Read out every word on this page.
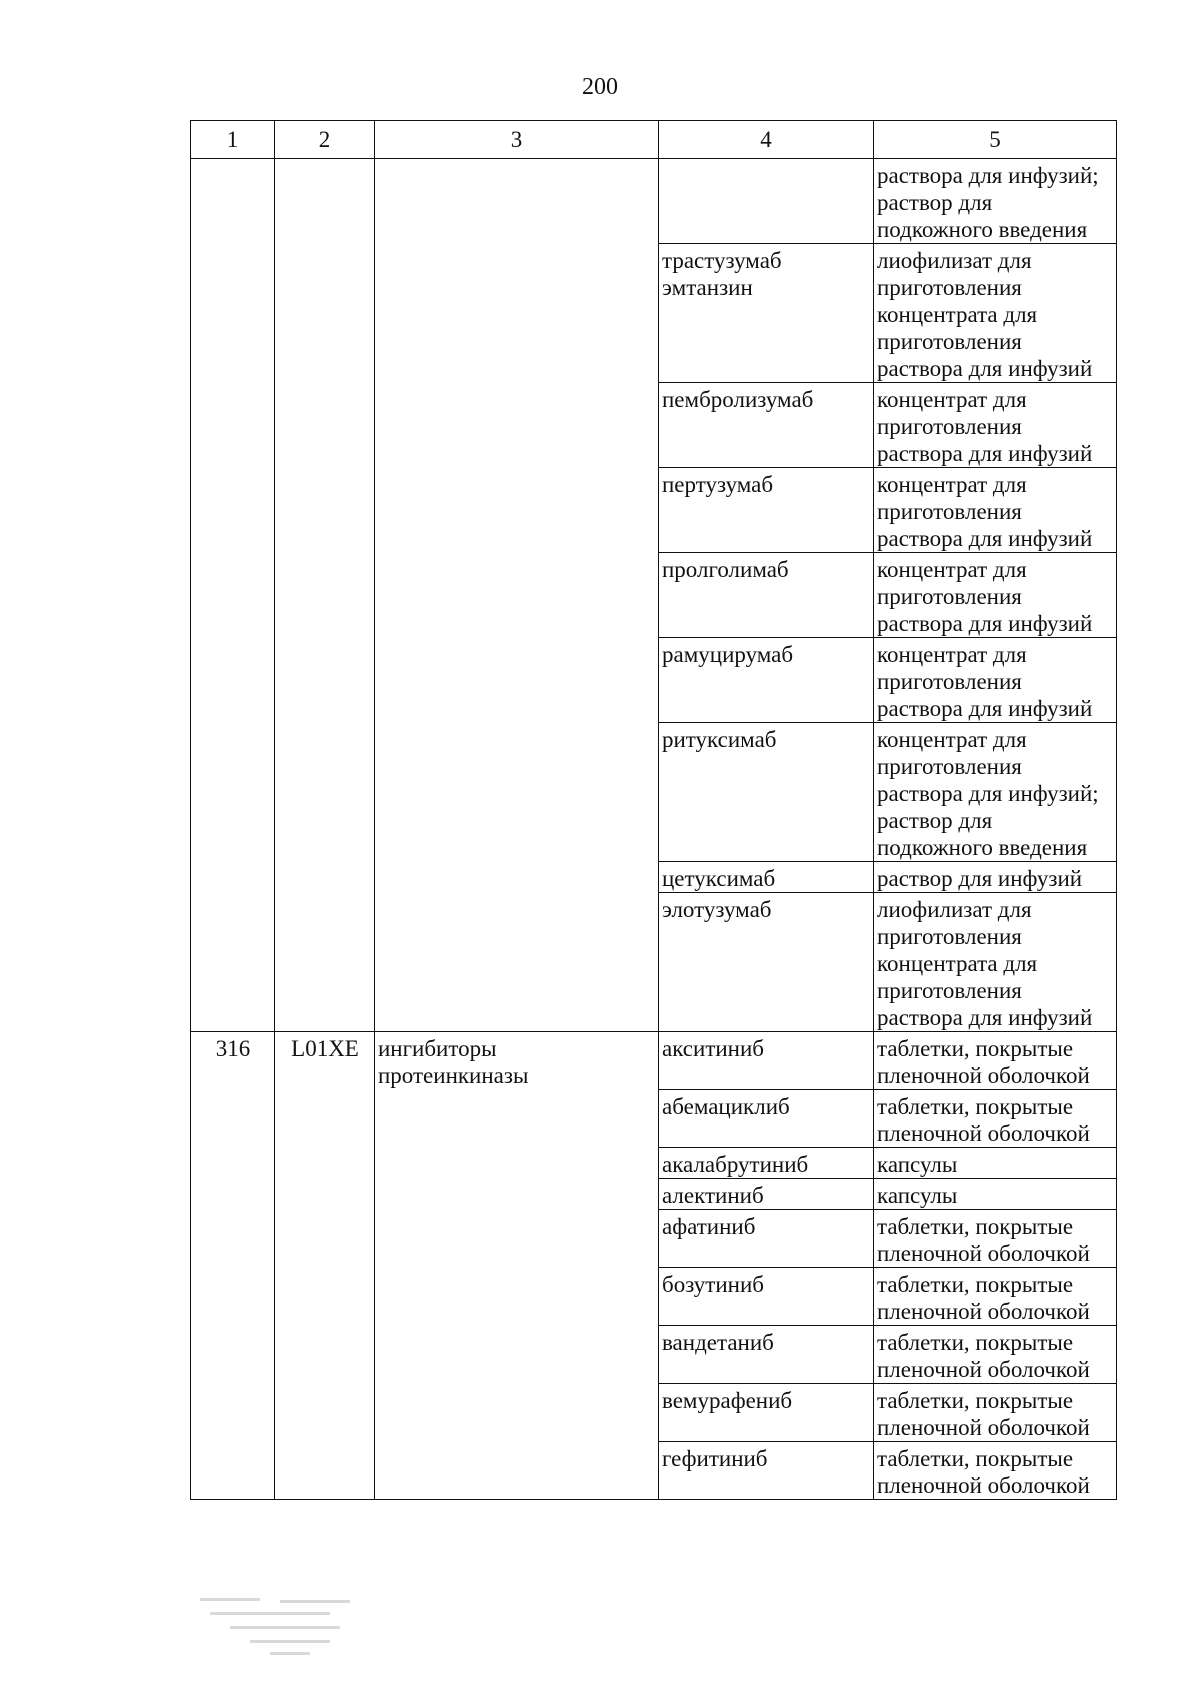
200
1	2	3	4	5
				раствора для инфузий;
раствор для
подкожного введения
			трастузумаб
эмтанзин	лиофилизат для
приготовления
концентрата для
приготовления
раствора для инфузий
			пембролизумаб	концентрат для
приготовления
раствора для инфузий
			пертузумаб	концентрат для
приготовления
раствора для инфузий
			пролголимаб	концентрат для
приготовления
раствора для инфузий
			рамуцирумаб	концентрат для
приготовления
раствора для инфузий
			ритуксимаб	концентрат для
приготовления
раствора для инфузий;
раствор для
подкожного введения
			цетуксимаб	раствор для инфузий
			элотузумаб	лиофилизат для
приготовления
концентрата для
приготовления
раствора для инфузий
316	L01XE	ингибиторы
протеинкиназы	акситиниб	таблетки, покрытые
пленочной оболочкой
			абемациклиб	таблетки, покрытые
пленочной оболочкой
			акалабрутиниб	капсулы
			алектиниб	капсулы
			афатиниб	таблетки, покрытые
пленочной оболочкой
			бозутиниб	таблетки, покрытые
пленочной оболочкой
			вандетаниб	таблетки, покрытые
пленочной оболочкой
			вемурафениб	таблетки, покрытые
пленочной оболочкой
			гефитиниб	таблетки, покрытые
пленочной оболочкой
